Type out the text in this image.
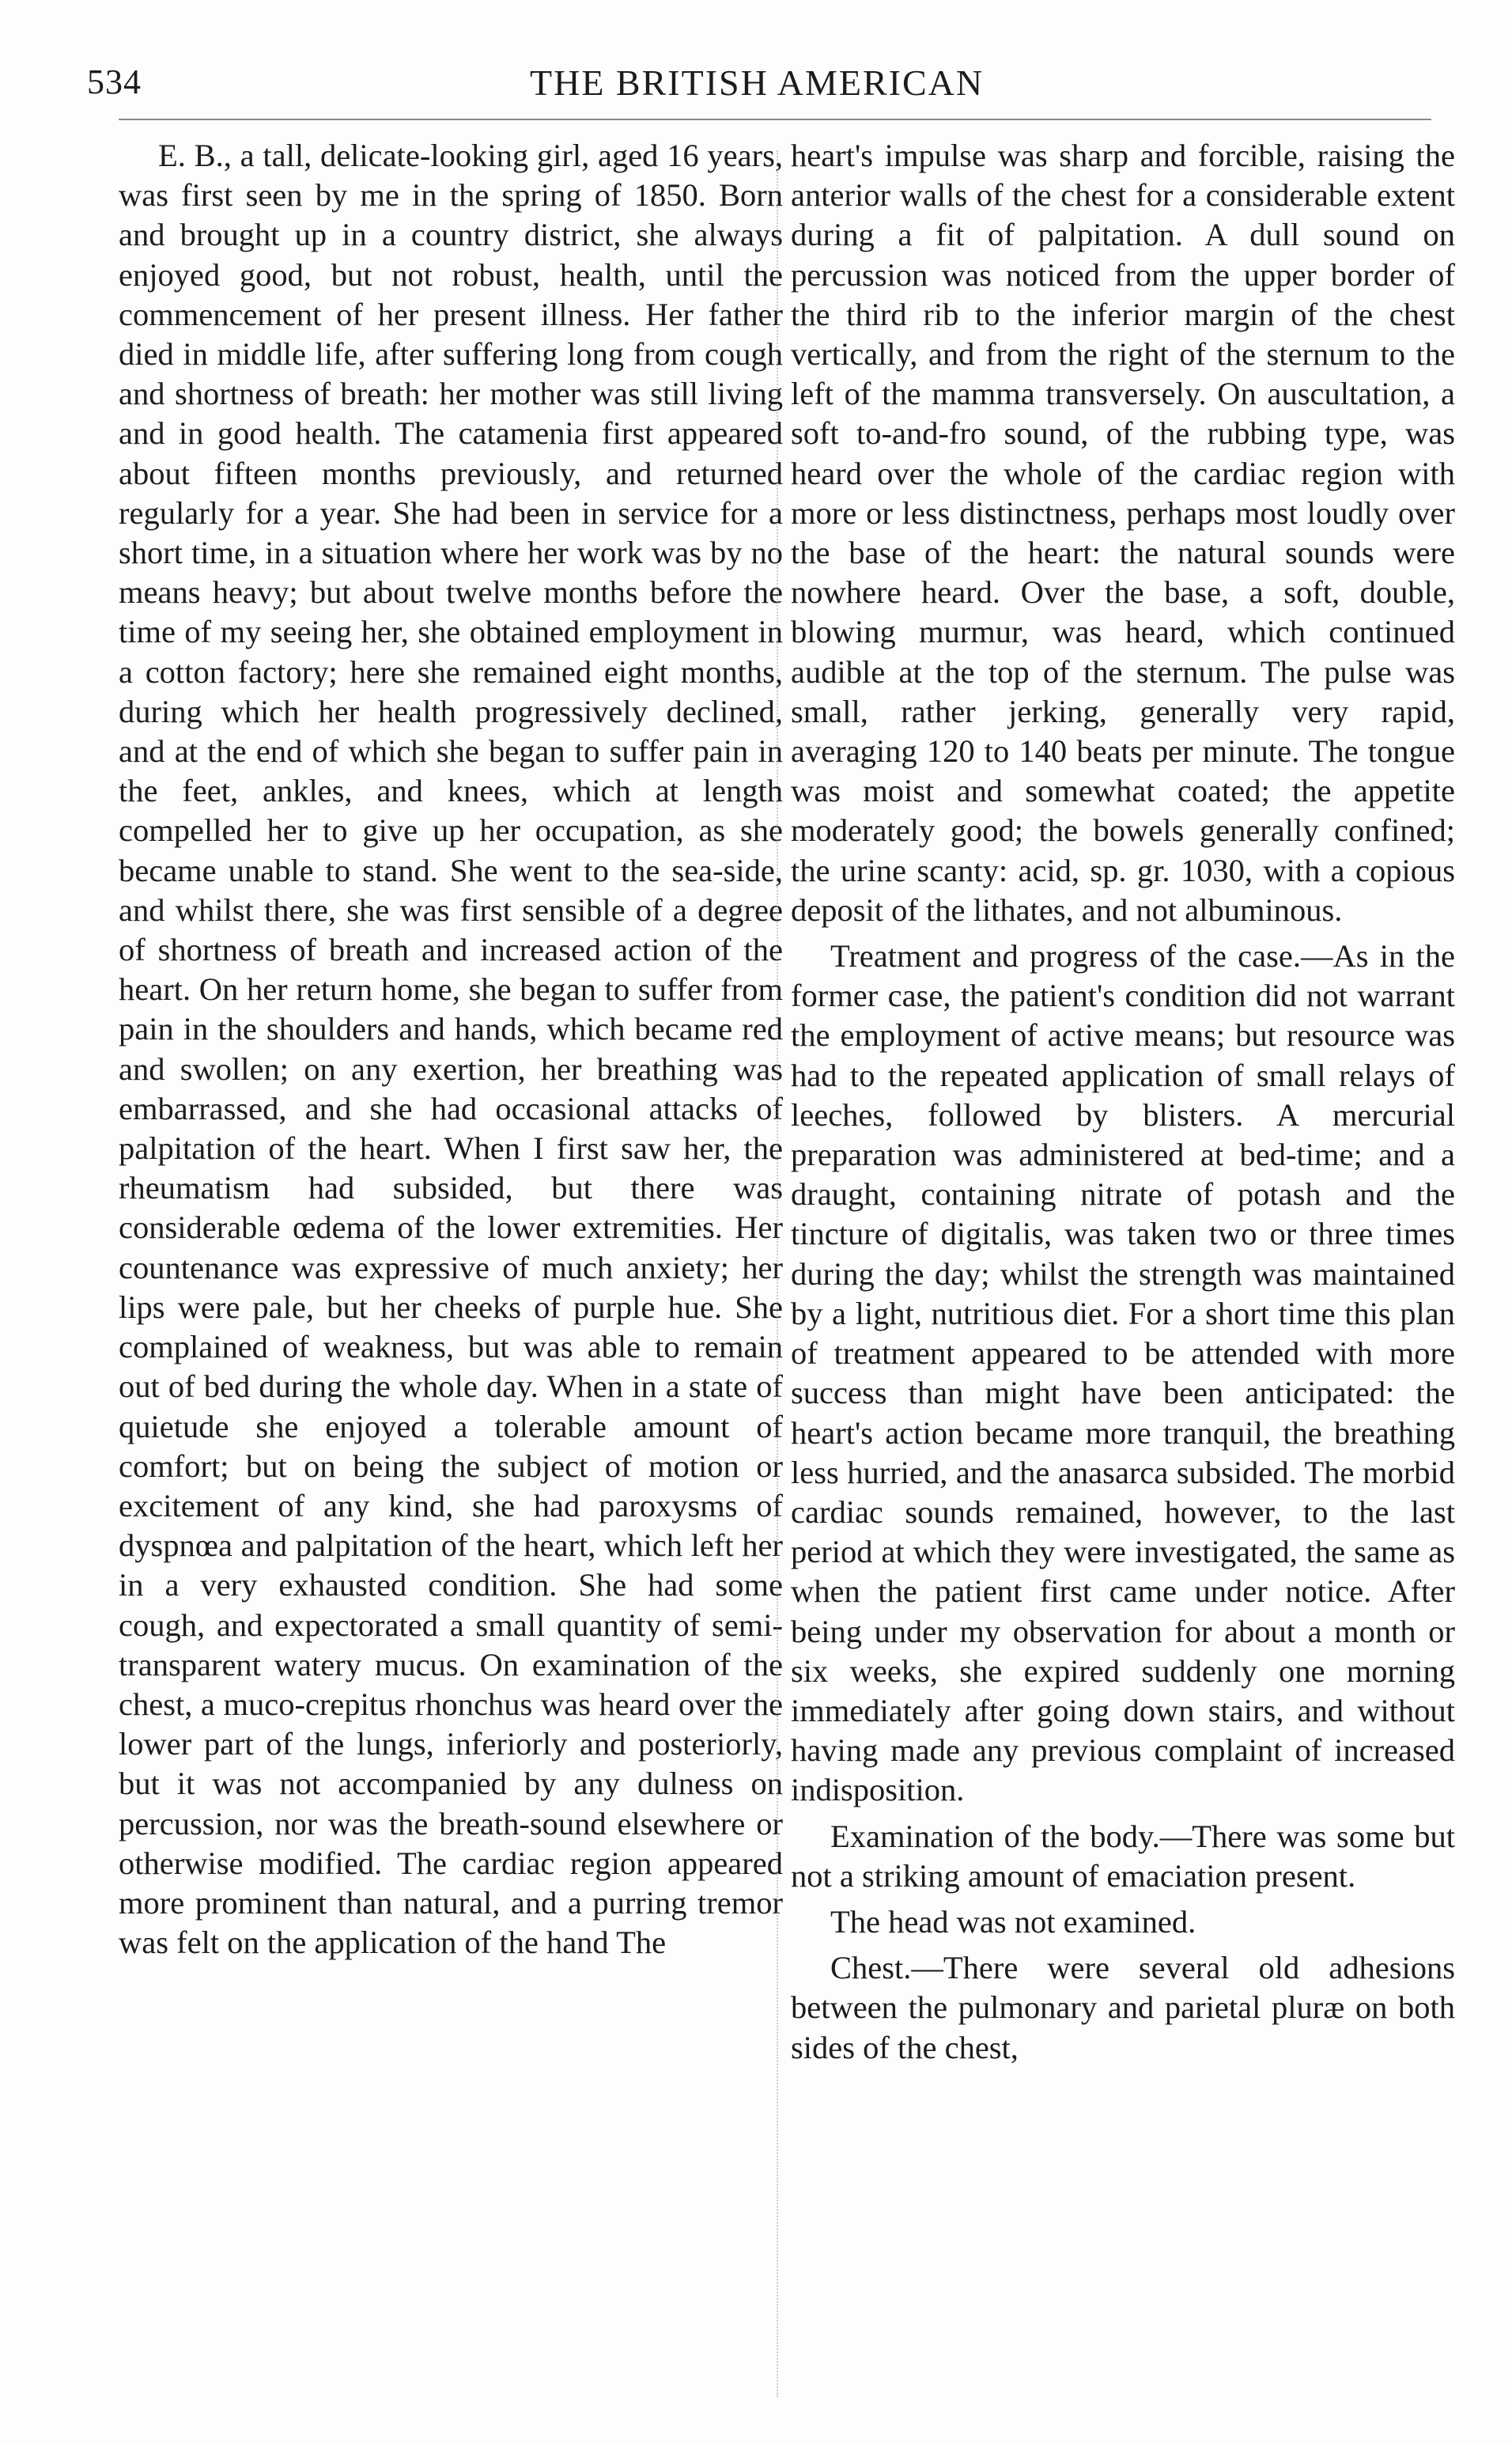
534	THE BRITISH AMERICAN

E. B., a tall, delicate-looking girl, aged 16 years, was first seen by me in the spring of 1850. Born and brought up in a country district, she always enjoyed good, but not robust, health, until the commencement of her present illness. Her father died in middle life, after suffering long from cough and shortness of breath: her mother was still living and in good health. The catamenia first appeared about fifteen months previously, and returned regularly for a year. She had been in service for a short time, in a situation where her work was by no means heavy; but about twelve months before the time of my seeing her, she obtained employment in a cotton factory; here she remained eight months, during which her health progressively declined, and at the end of which she began to suffer pain in the feet, ankles, and knees, which at length compelled her to give up her occupation, as she became unable to stand. She went to the sea-side, and whilst there, she was first sensible of a degree of shortness of breath and increased action of the heart. On her return home, she began to suffer from pain in the shoulders and hands, which became red and swollen; on any exertion, her breathing was embarrassed, and she had occasional attacks of palpitation of the heart. When I first saw her, the rheumatism had subsided, but there was considerable œdema of the lower extremities. Her countenance was expressive of much anxiety; her lips were pale, but her cheeks of purple hue. She complained of weakness, but was able to remain out of bed during the whole day. When in a state of quietude she enjoyed a tolerable amount of comfort; but on being the subject of motion or excitement of any kind, she had paroxysms of dyspnœa and palpitation of the heart, which left her in a very exhausted condition. She had some cough, and expectorated a small quantity of semi-transparent watery mucus. On examination of the chest, a muco-crepitus rhonchus was heard over the lower part of the lungs, inferiorly and posteriorly, but it was not accompanied by any dulness on percussion, nor was the breath-sound elsewhere or otherwise modified. The cardiac region appeared more prominent than natural, and a purring tremor was felt on the application of the hand The

heart's impulse was sharp and forcible, raising the anterior walls of the chest for a considerable extent during a fit of palpitation. A dull sound on percussion was noticed from the upper border of the third rib to the inferior margin of the chest vertically, and from the right of the sternum to the left of the mamma transversely. On auscultation, a soft to-and-fro sound, of the rubbing type, was heard over the whole of the cardiac region with more or less distinctness, perhaps most loudly over the base of the heart: the natural sounds were nowhere heard. Over the base, a soft, double, blowing murmur, was heard, which continued audible at the top of the sternum. The pulse was small, rather jerking, generally very rapid, averaging 120 to 140 beats per minute. The tongue was moist and somewhat coated; the appetite moderately good; the bowels generally confined; the urine scanty: acid, sp. gr. 1030, with a copious deposit of the lithates, and not albuminous.

Treatment and progress of the case.—As in the former case, the patient's condition did not warrant the employment of active means; but resource was had to the repeated application of small relays of leeches, followed by blisters. A mercurial preparation was administered at bed-time; and a draught, containing nitrate of potash and the tincture of digitalis, was taken two or three times during the day; whilst the strength was maintained by a light, nutritious diet. For a short time this plan of treatment appeared to be attended with more success than might have been anticipated: the heart's action became more tranquil, the breathing less hurried, and the anasarca subsided. The morbid cardiac sounds remained, however, to the last period at which they were investigated, the same as when the patient first came under notice. After being under my observation for about a month or six weeks, she expired suddenly one morning immediately after going down stairs, and without having made any previous complaint of increased indisposition.

Examination of the body.—There was some but not a striking amount of emaciation present.

The head was not examined.

Chest.—There were several old adhesions between the pulmonary and parietal pluræ on both sides of the chest,
